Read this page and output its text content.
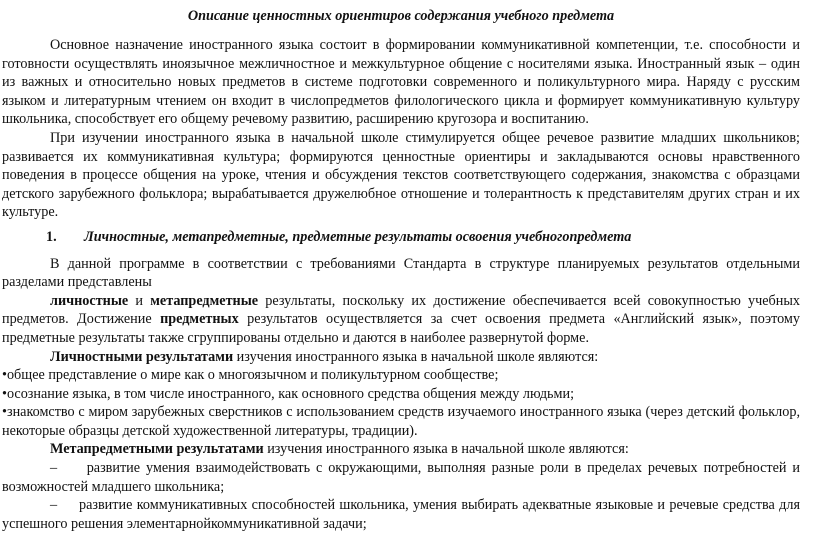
Описание ценностных ориентиров содержания учебного предмета

Основное назначение иностранного языка состоит в формировании коммуникативной компетенции, т.е. способности и готовности осуществлять иноязычное межличностное и межкультурное общение с носителями языка. Иностранный язык – один из важных и относительно новых предметов в системе подготовки современного и поликультурного мира. Наряду с русским языком и литературным чтением он входит в числопредметов филологического цикла и формирует коммуникативную культуру школьника, способствует его общему речевому развитию, расширению кругозора и воспитанию.

При изучении иностранного языка в начальной школе стимулируется общее речевое развитие младших школьников; развивается их коммуникативная культура; формируются ценностные ориентиры и закладываются основы нравственного поведения в процессе общения на уроке, чтения и обсуждения текстов соответствующего содержания, знакомства с образцами детского зарубежного фольклора; вырабатывается дружелюбное отношение и толерантность к представителям других стран и их культуре.

1. Личностные, метапредметные, предметные результаты освоения учебногопредмета

В данной программе в соответствии с требованиями Стандарта в структуре планируемых результатов отдельными разделами представлены

личностные и метапредметные результаты, поскольку их достижение обеспечивается всей совокупностью учебных предметов. Достижение предметных результатов осуществляется за счет освоения предмета «Английский язык», поэтому предметные результаты также сгруппированы отдельно и даются в наиболее развернутой форме.

Личностными результатами изучения иностранного языка в начальной школе являются:

•общее представление о мире как о многоязычном и поликультурном сообществе;

•осознание языка, в том числе иностранного, как основного средства общения между людьми;

•знакомство с миром зарубежных сверстников с использованием средств изучаемого иностранного языка (через детский фольклор, некоторые образцы детской художественной литературы, традиции).

Метапредметными результатами изучения иностранного языка в начальной школе являются:

– развитие умения взаимодействовать с окружающими, выполняя разные роли в пределах речевых потребностей и возможностей младшего школьника;

– развитие коммуникативных способностей школьника, умения выбирать адекватные языковые и речевые средства для успешного решения элементарнойкоммуникативной задачи;
